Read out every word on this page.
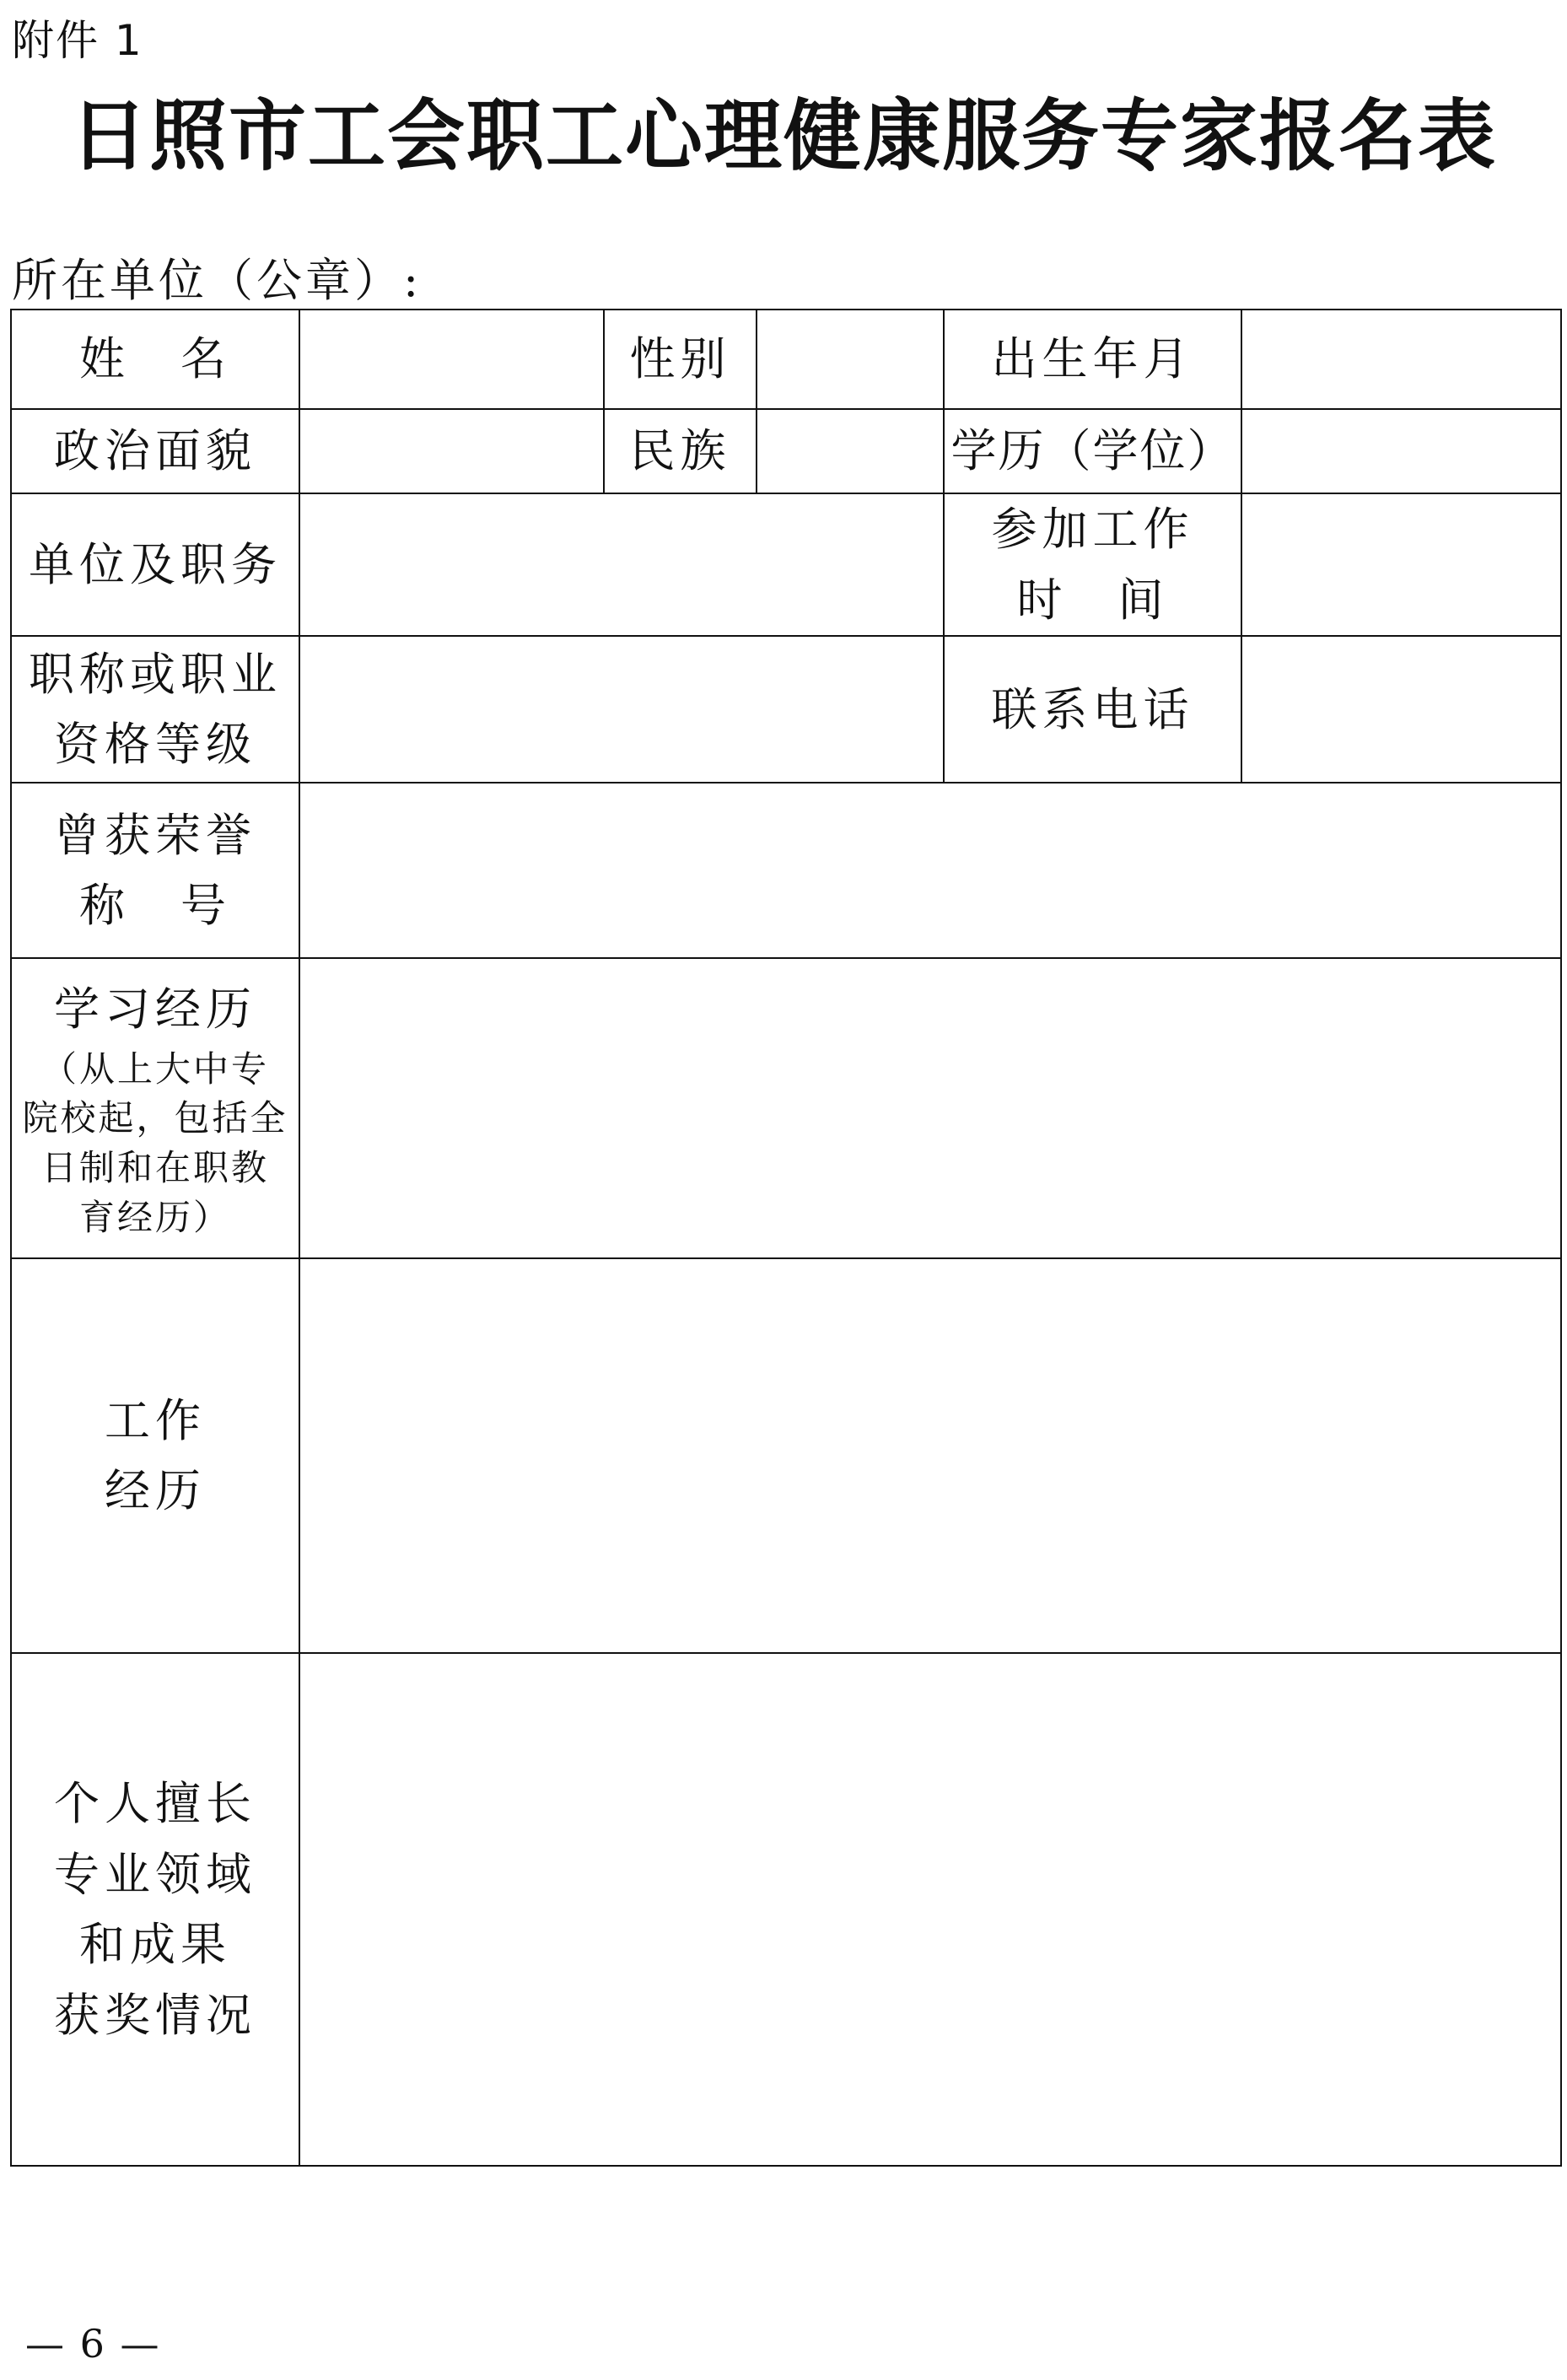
附件 1
日照市工会职工心理健康服务专家报名表
所在单位（公章）:
姓　名		性别		出生年月	
政治面貌		民族		学历（学位）	
单位及职务				参加工作
时　间	

职称或职业
资格等级				联系电话	

曾获荣誉
称　号					

学习经历
（从上大中专
院校起，包括全
日制和在职教
育经历）					

工作
经历					

个人擅长
专业领域
和成果
获奖情况					

— 6 —
